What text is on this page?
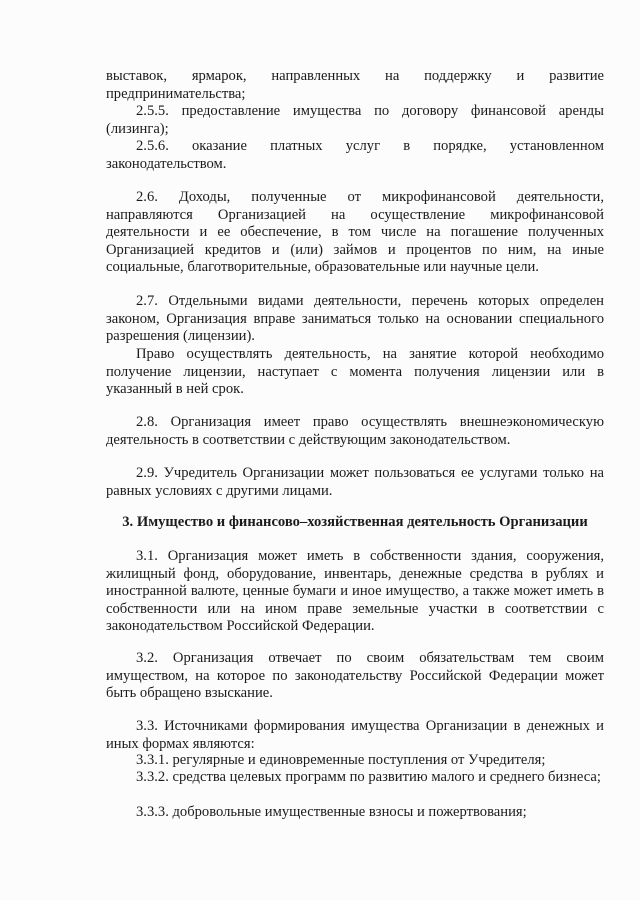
выставок, ярмарок, направленных на поддержку и развитие предпринимательства;

2.5.5. предоставление имущества по договору финансовой аренды (лизинга);

2.5.6. оказание платных услуг в порядке, установленном законодательством.

2.6. Доходы, полученные от микрофинансовой деятельности, направляются Организацией на осуществление микрофинансовой деятельности и ее обеспечение, в том числе на погашение полученных Организацией кредитов и (или) займов и процентов по ним, на иные социальные, благотворительные, образовательные или научные цели.

2.7. Отдельными видами деятельности, перечень которых определен законом, Организация вправе заниматься только на основании специального разрешения (лицензии).

Право осуществлять деятельность, на занятие которой необходимо получение лицензии, наступает с момента получения лицензии или в указанный в ней срок.

2.8. Организация имеет право осуществлять внешнеэкономическую деятельность в соответствии с действующим законодательством.

2.9. Учредитель Организации может пользоваться ее услугами только на равных условиях с другими лицами.

3. Имущество и финансово–хозяйственная деятельность Организации

3.1. Организация может иметь в собственности здания, сооружения, жилищный фонд, оборудование, инвентарь, денежные средства в рублях и иностранной валюте, ценные бумаги и иное имущество, а также может иметь в собственности или на ином праве земельные участки в соответствии с законодательством Российской Федерации.

3.2. Организация отвечает по своим обязательствам тем своим имуществом, на которое по законодательству Российской Федерации может быть обращено взыскание.

3.3. Источниками формирования имущества Организации в денежных и иных формах являются:

3.3.1. регулярные и единовременные поступления от Учредителя;

3.3.2. средства целевых программ по развитию малого и среднего бизнеса;

3.3.3. добровольные имущественные взносы и пожертвования;
